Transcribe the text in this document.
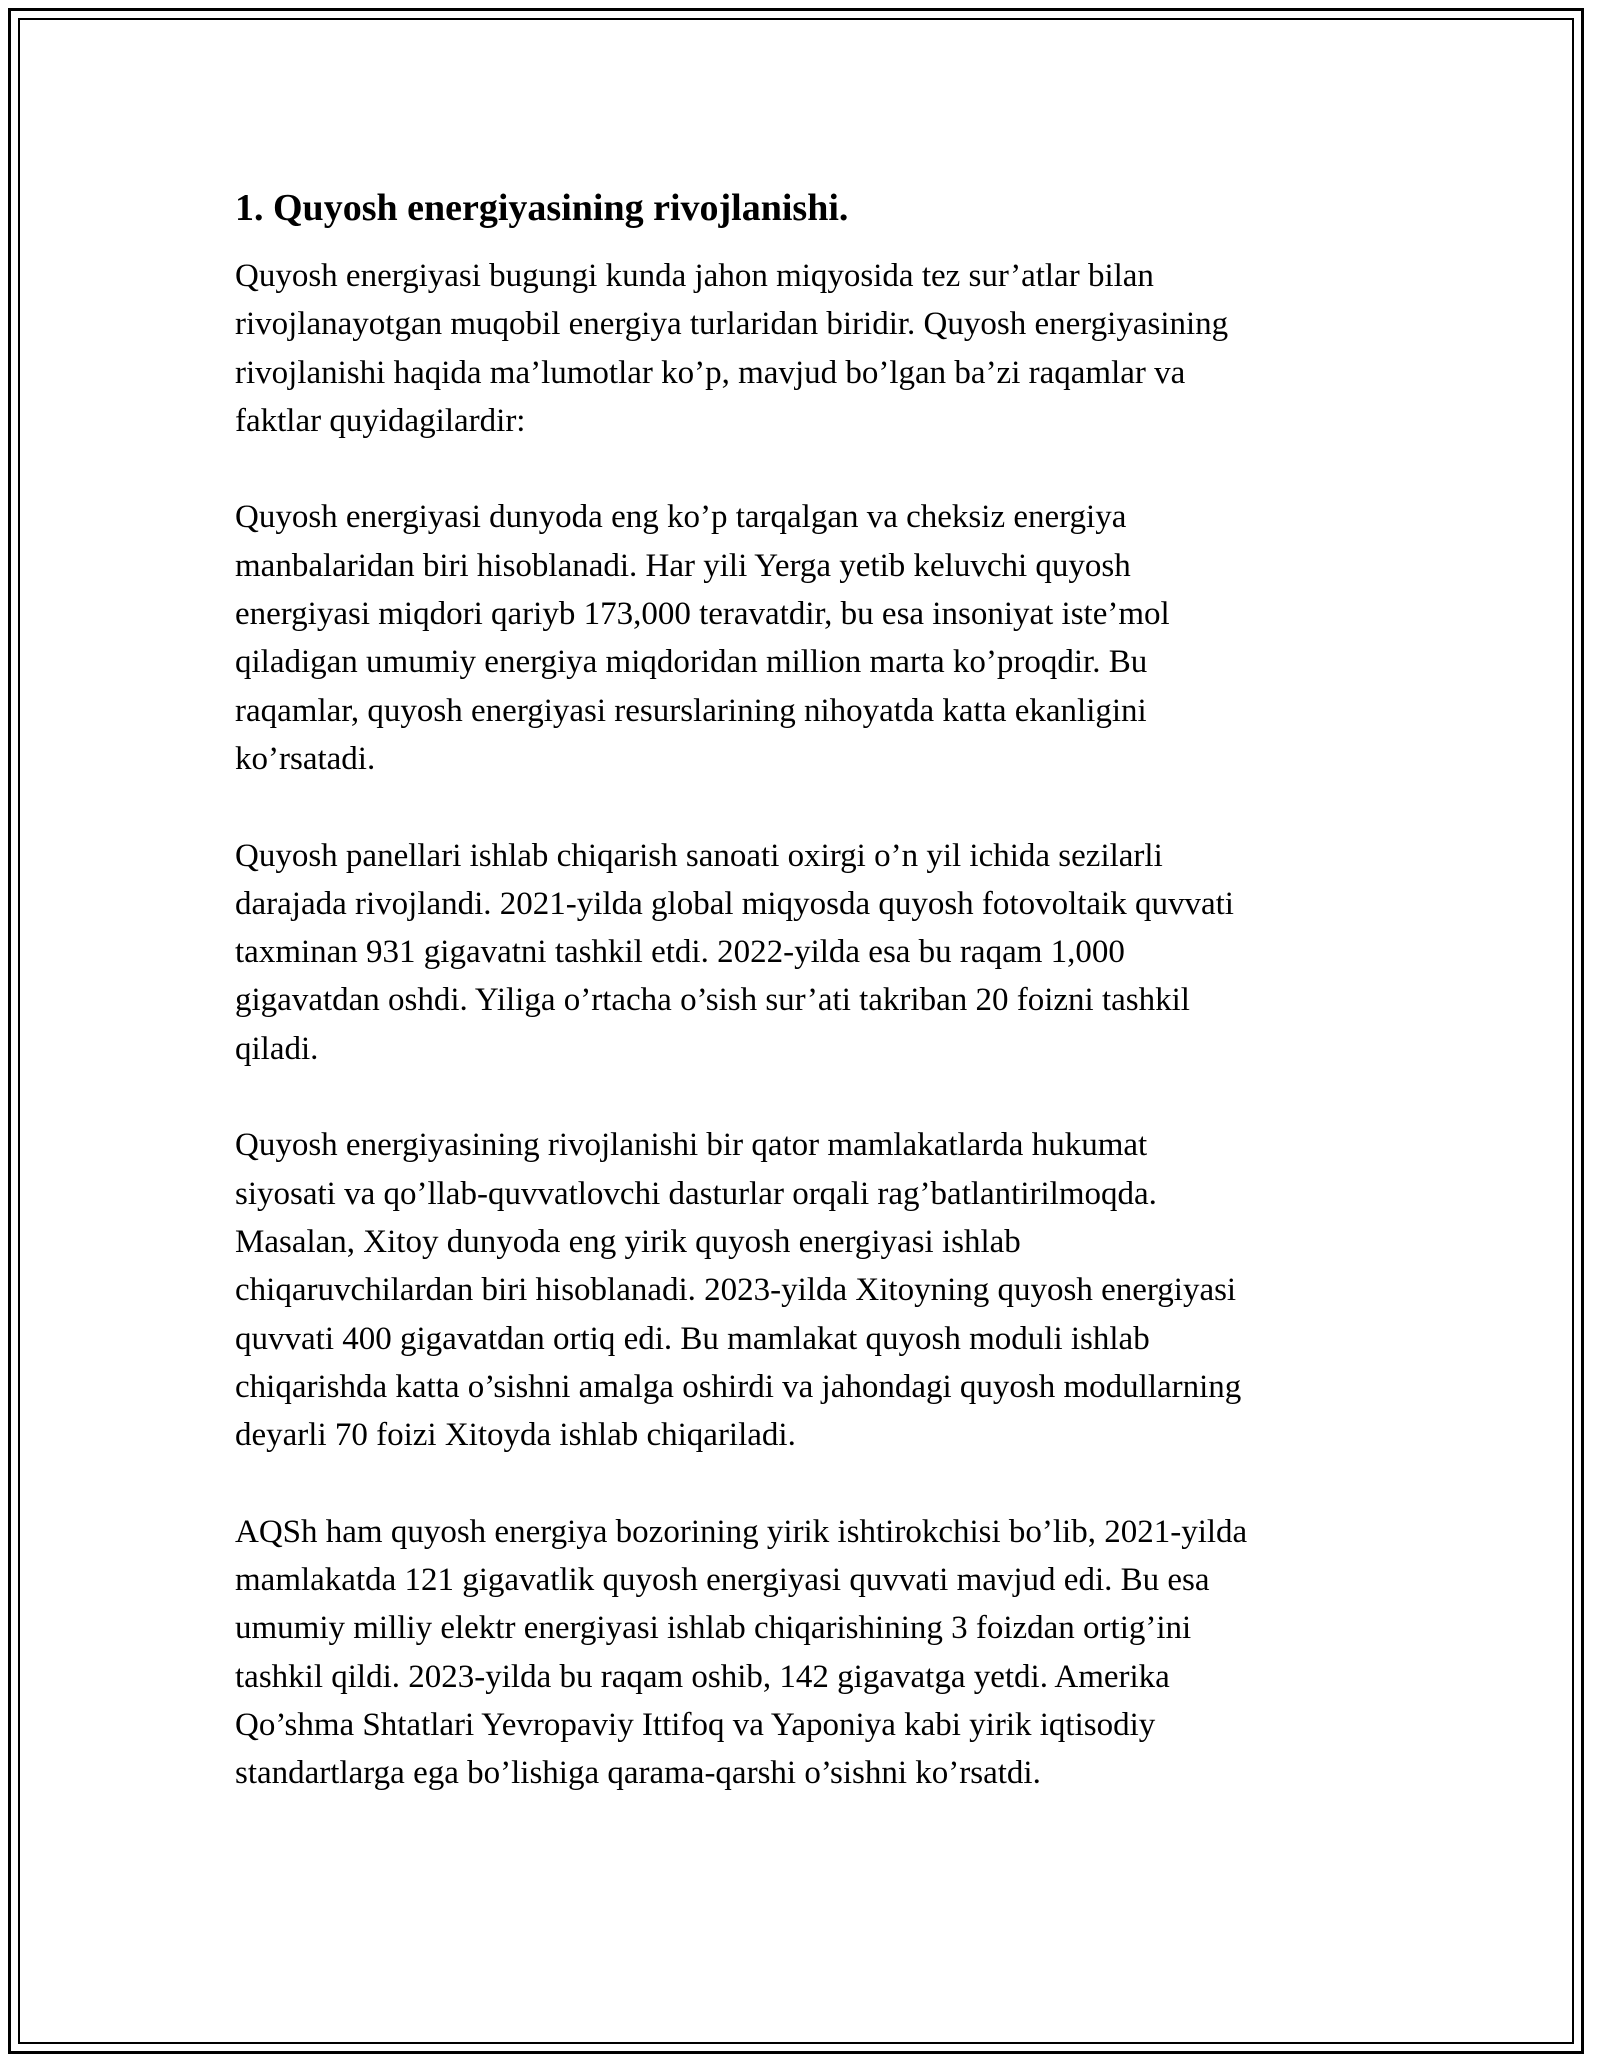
1. Quyosh energiyasining rivojlanishi.
Quyosh energiyasi bugungi kunda jahon miqyosida tez sur’atlar bilan
rivojlanayotgan muqobil energiya turlaridan biridir. Quyosh energiyasining
rivojlanishi haqida ma’lumotlar ko’p, mavjud bo’lgan ba’zi raqamlar va
faktlar quyidagilardir:
Quyosh energiyasi dunyoda eng ko’p tarqalgan va cheksiz energiya
manbalaridan biri hisoblanadi. Har yili Yerga yetib keluvchi quyosh
energiyasi miqdori qariyb 173,000 teravatdir, bu esa insoniyat iste’mol
qiladigan umumiy energiya miqdoridan million marta ko’proqdir. Bu
raqamlar, quyosh energiyasi resurslarining nihoyatda katta ekanligini
ko’rsatadi.
Quyosh panellari ishlab chiqarish sanoati oxirgi o’n yil ichida sezilarli
darajada rivojlandi. 2021-yilda global miqyosda quyosh fotovoltaik quvvati
taxminan 931 gigavatni tashkil etdi. 2022-yilda esa bu raqam 1,000
gigavatdan oshdi. Yiliga o’rtacha o’sish sur’ati takriban 20 foizni tashkil
qiladi.
Quyosh energiyasining rivojlanishi bir qator mamlakatlarda hukumat
siyosati va qo’llab-quvvatlovchi dasturlar orqali rag’batlantirilmoqda.
Masalan, Xitoy dunyoda eng yirik quyosh energiyasi ishlab
chiqaruvchilardan biri hisoblanadi. 2023-yilda Xitoyning quyosh energiyasi
quvvati 400 gigavatdan ortiq edi. Bu mamlakat quyosh moduli ishlab
chiqarishda katta o’sishni amalga oshirdi va jahondagi quyosh modullarning
deyarli 70 foizi Xitoyda ishlab chiqariladi.
AQSh ham quyosh energiya bozorining yirik ishtirokchisi bo’lib, 2021-yilda
mamlakatda 121 gigavatlik quyosh energiyasi quvvati mavjud edi. Bu esa
umumiy milliy elektr energiyasi ishlab chiqarishining 3 foizdan ortig’ini
tashkil qildi. 2023-yilda bu raqam oshib, 142 gigavatga yetdi. Amerika
Qo’shma Shtatlari Yevropaviy Ittifoq va Yaponiya kabi yirik iqtisodiy
standartlarga ega bo’lishiga qarama-qarshi o’sishni ko’rsatdi.
